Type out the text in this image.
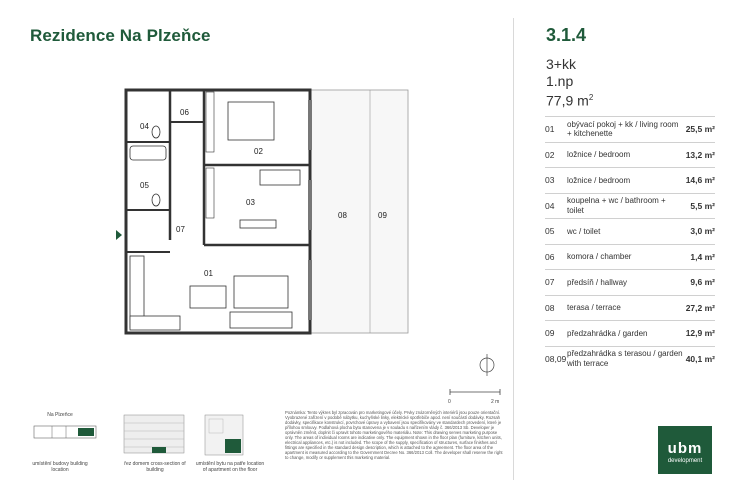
Rezidence Na Plzeňce	3.1.4
3+kk
1.np
77,9 $m^2$
01	obývací pokoj + kk / living room + kitchenette	25,5 m²
02	ložnice / bedroom	13,2 m²
03	ložnice / bedroom	14,6 m²
04	koupelna + wc / bathroom + toilet	5,5 m²
05	wc / toilet	3,0 m²
06	komora / chamber	1,4 m²
07	předsíň / hallway	9,6 m²
08	terasa / terrace	27,2 m²
09	předzahrádka / garden	12,9 m²
08,09	předzahrádka s terasou / garden with terrace	40,1 m²
01
02
03
04
05
06
07
08	09
0	2 m
Na Plzeňce
umístění budovy building location
řez domem cross-section of building
umístění bytu na patře location of apartment on the floor
Poznámka: Tento výkres byl zpracován pro marketingové účely. Prvky znázorněných interiérů jsou pouze orientační. Vyobrazené zařízení v podobě nábytku, kuchyňské linky, elektrické spotřebiče apod. není součástí dodávky. Rozsah dodávky, specifikace konstrukcí, povrchové úpravy a vybavení jsou specifikovány ve standardech provedení, které je přílohou smlouvy. Podlahová plocha bytu stanovena je v souladu s nařízením vlády č. 366/2013 Sb. Developer je oprávněn změnit, doplnit či upravit tohoto marketingového materiálu. Note: This drawing serves marketing purpose only. The areas of individual rooms are indicative only. The equipment shown in the floor plan (furniture, kitchen units, electrical appliances, etc.) is not included. The scope of the supply, specification of structures, surface finishes and fittings are specified in the standard design description, which is attached to the agreement. The floor area of the apartment is measured according to the Government Decree No. 366/2013 Coll. The developer shall reserve the right to change, modify or supplement this marketing material.
ubm
development
